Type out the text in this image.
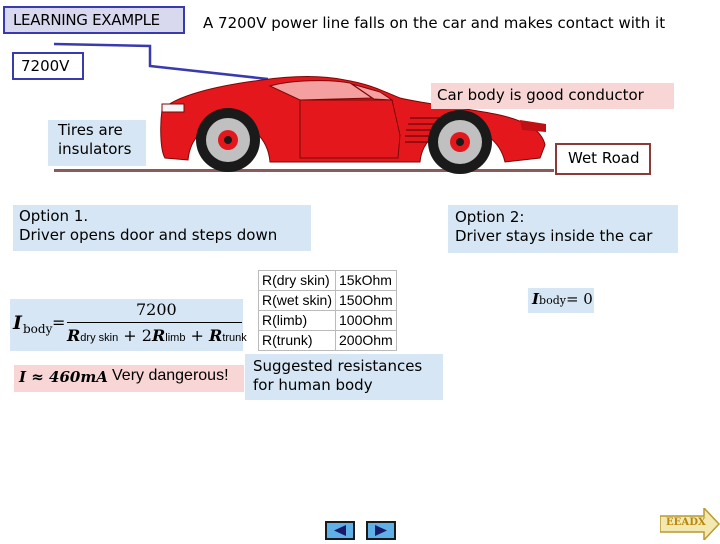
LEARNING EXAMPLE	A 7200V power line falls on the car and makes contact with it
7200V
Car body is good conductor
Tires are
insulators	Wet Road
Option 1.
Driver opens door and steps down
I body =
7200
Rdry skin + 2Rlimb + Rtrunk
I ≈ 460mA Very dangerous!
R(dry skin)	15kOhm
R(wet skin)	150Ohm
R(limb)	100Ohm
R(trunk)	200Ohm
Suggested resistances
for human body
Option 2:
Driver stays inside the car
Ibody= 0
ЕЕАDX
